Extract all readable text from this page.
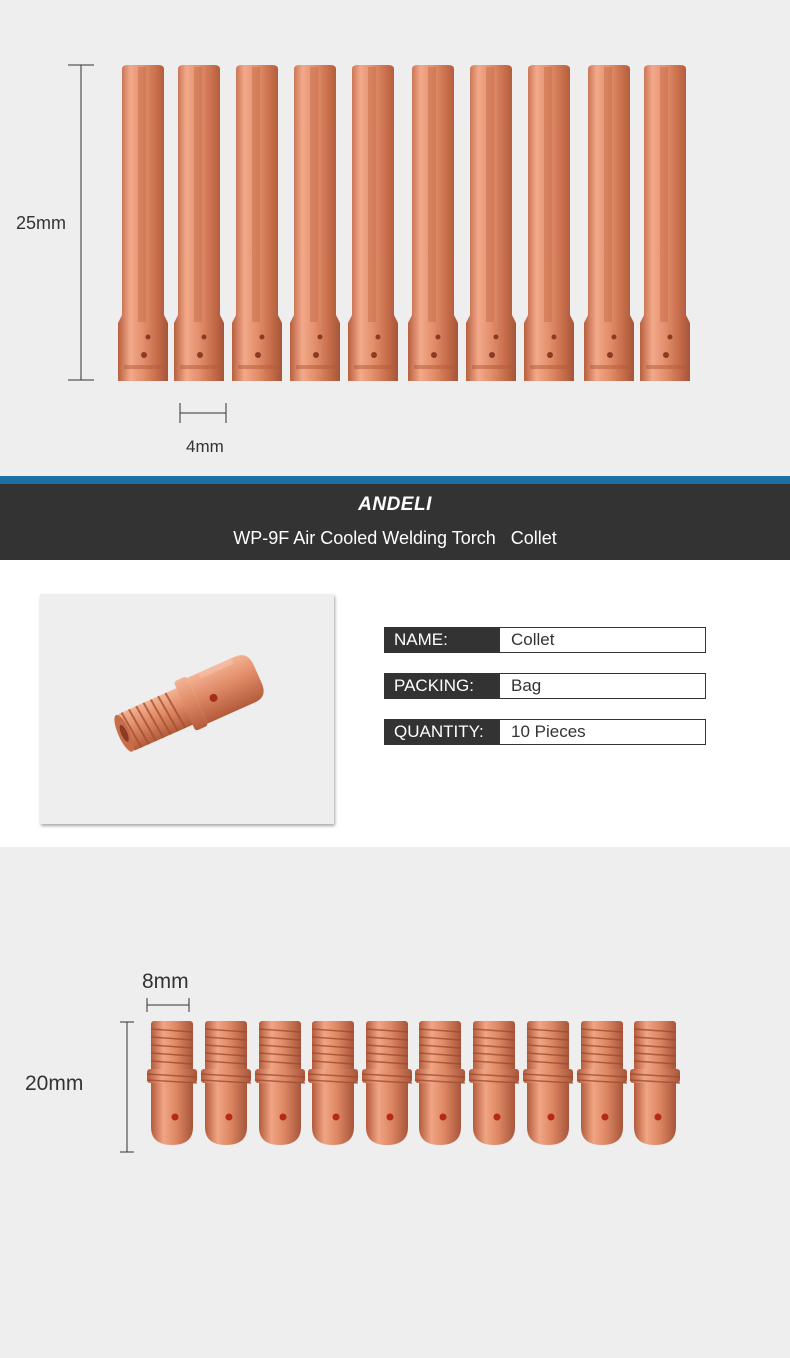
25mm
4mm
ANDELI
WP-9F Air Cooled Welding Torch   Collet
NAME:	Collet
PACKING:	Bag
QUANTITY:	10 Pieces
8mm
20mm
